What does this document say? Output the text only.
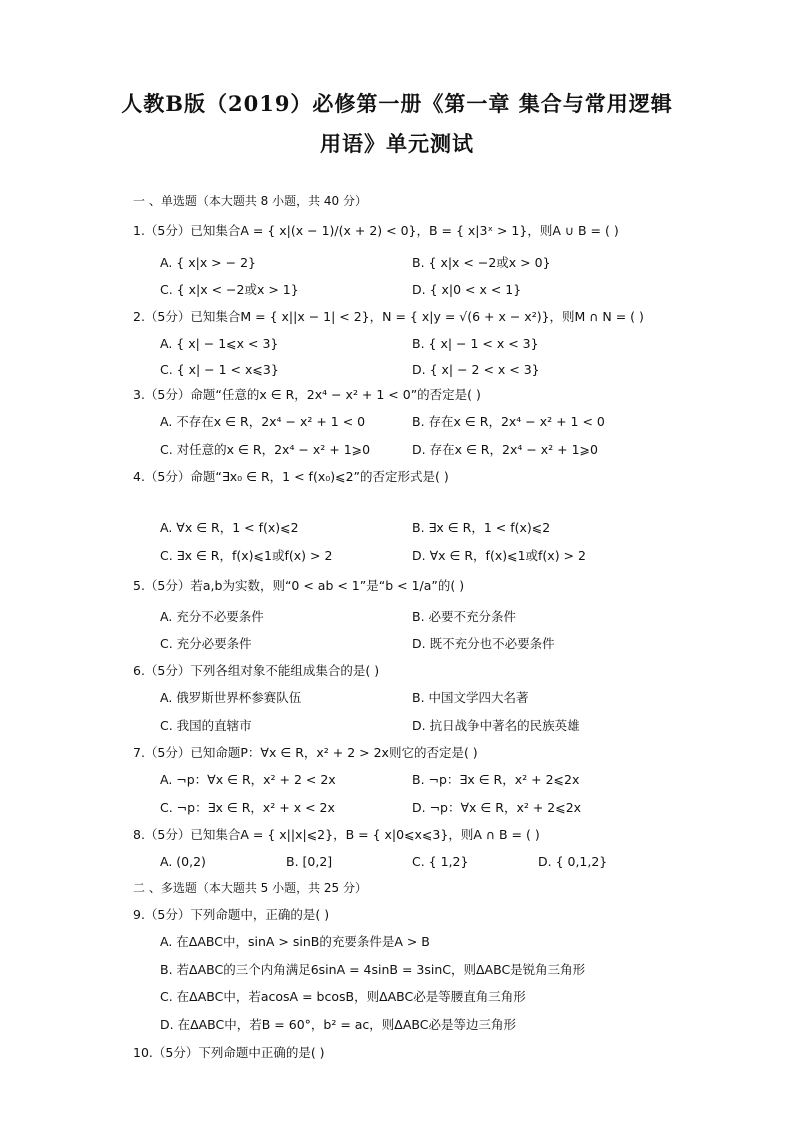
人教B版（2019）必修第一册《第一章 集合与常用逻辑
用语》单元测试
一 、单选题（本大题共 8 小题，共 40 分）
1.（5分）已知集合A = { x|(x − 1)/(x + 2) < 0}，B = { x|3ˣ > 1}，则A ∪ B = ( )
A. { x|x > − 2}	B. { x|x < −2或x > 0}
C. { x|x < −2或x > 1}	D. { x|0 < x < 1}
2.（5分）已知集合M = { x||x − 1| < 2}，N = { x|y = √(6 + x − x²)}，则M ∩ N = ( )
A. { x| − 1⩽x < 3}	B. { x| − 1 < x < 3}
C. { x| − 1 < x⩽3}	D. { x| − 2 < x < 3}
3.（5分）命题“任意的x ∈ R，2x⁴ − x² + 1 < 0”的否定是( )
A. 不存在x ∈ R，2x⁴ − x² + 1 < 0	B. 存在x ∈ R，2x⁴ − x² + 1 < 0
C. 对任意的x ∈ R，2x⁴ − x² + 1⩾0	D. 存在x ∈ R，2x⁴ − x² + 1⩾0
4.（5分）命题“∃x₀ ∈ R，1 < f(x₀)⩽2”的否定形式是( )
A. ∀x ∈ R，1 < f(x)⩽2	B. ∃x ∈ R，1 < f(x)⩽2
C. ∃x ∈ R，f(x)⩽1或f(x) > 2	D. ∀x ∈ R，f(x)⩽1或f(x) > 2
5.（5分）若a,b为实数，则“0 < ab < 1”是“b < 1/a”的( )
A. 充分不必要条件	B. 必要不充分条件
C. 充分必要条件	D. 既不充分也不必要条件
6.（5分）下列各组对象不能组成集合的是( )
A. 俄罗斯世界杯参赛队伍	B. 中国文学四大名著
C. 我国的直辖市	D. 抗日战争中著名的民族英雄
7.（5分）已知命题P：∀x ∈ R，x² + 2 > 2x则它的否定是( )
A. ¬p：∀x ∈ R，x² + 2 < 2x	B. ¬p：∃x ∈ R，x² + 2⩽2x
C. ¬p：∃x ∈ R，x² + x < 2x	D. ¬p：∀x ∈ R，x² + 2⩽2x
8.（5分）已知集合A = { x||x|⩽2}，B = { x|0⩽x⩽3}，则A ∩ B = ( )
A. (0,2)	B. [0,2]	C. { 1,2}	D. { 0,1,2}
二 、多选题（本大题共 5 小题，共 25 分）
9.（5分）下列命题中，正确的是( )
A. 在ΔABC中，sinA > sinB的充要条件是A > B
B. 若ΔABC的三个内角满足6sinA = 4sinB = 3sinC，则ΔABC是锐角三角形
C. 在ΔABC中，若acosA = bcosB，则ΔABC必是等腰直角三角形
D. 在ΔABC中，若B = 60°，b² = ac，则ΔABC必是等边三角形
10.（5分）下列命题中正确的是( )
